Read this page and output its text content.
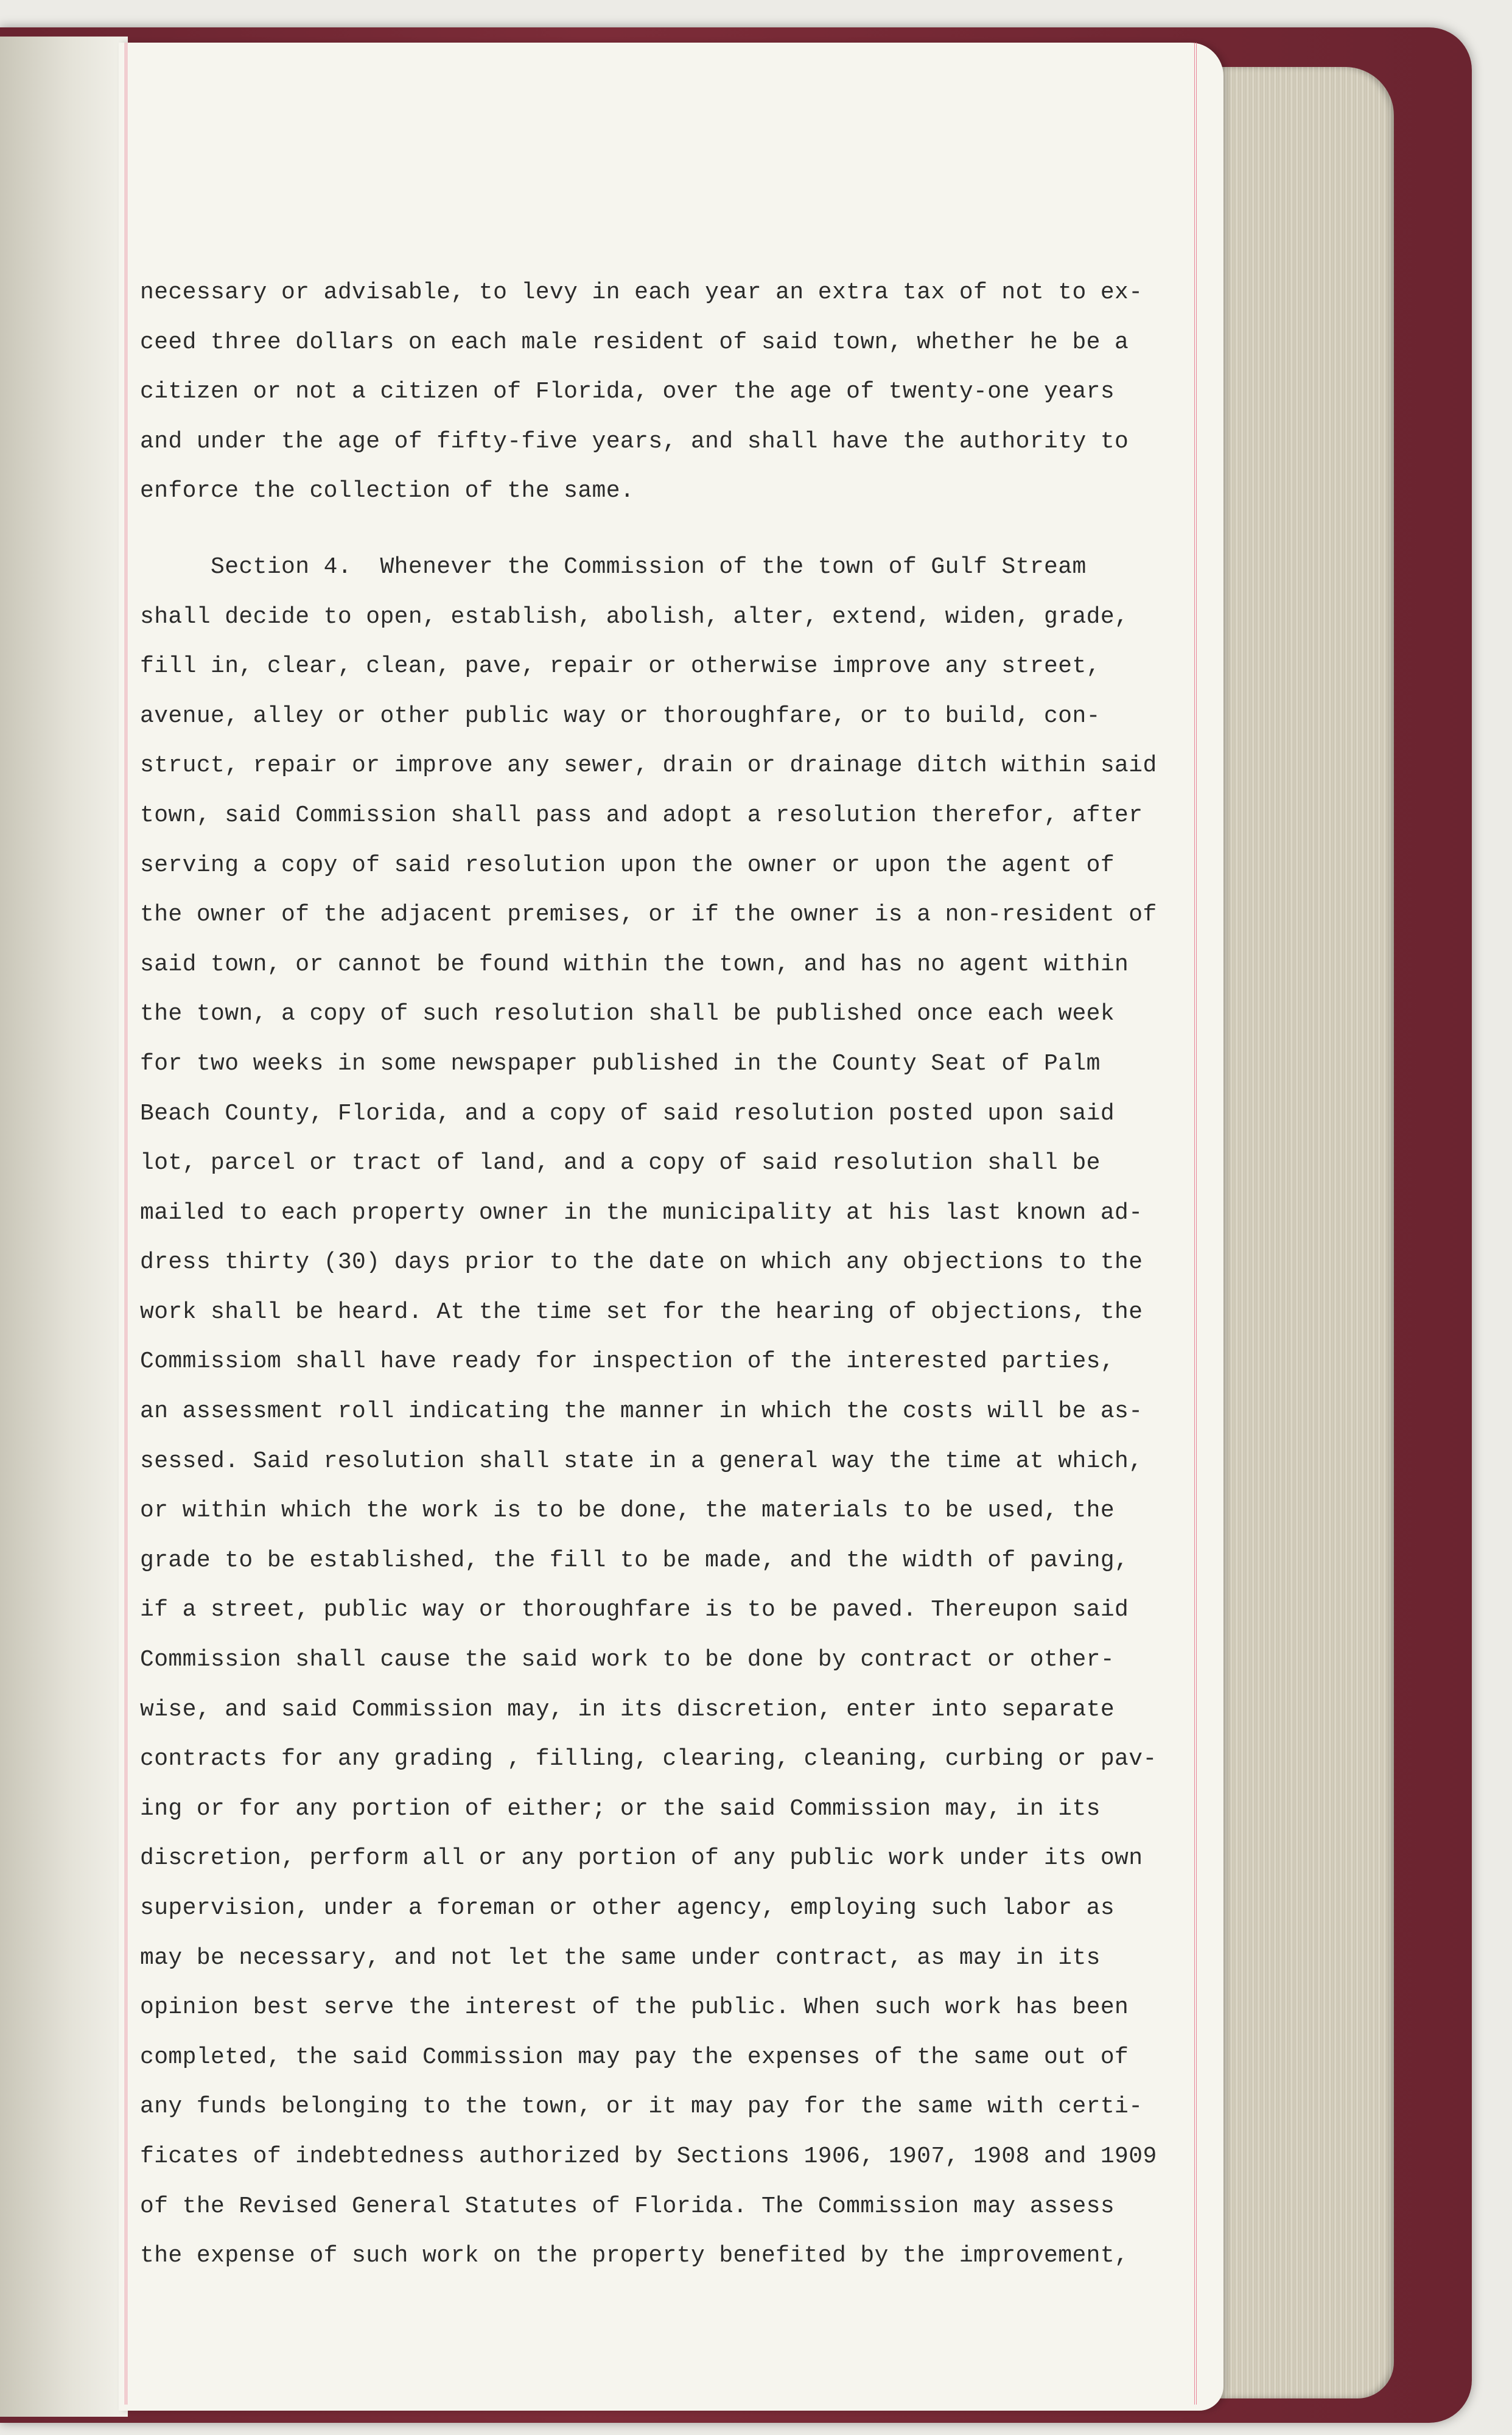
necessary or advisable, to levy in each year an extra tax of not to ex-
ceed three dollars on each male resident of said town, whether he be a
citizen or not a citizen of Florida, over the age of twenty-one years
and under the age of fifty-five years, and shall have the authority to
enforce the collection of the same.
Section 4.  Whenever the Commission of the town of Gulf Stream
shall decide to open, establish, abolish, alter, extend, widen, grade,
fill in, clear, clean, pave, repair or otherwise improve any street,
avenue, alley or other public way or thoroughfare, or to build, con-
struct, repair or improve any sewer, drain or drainage ditch within said
town, said Commission shall pass and adopt a resolution therefor, after
serving a copy of said resolution upon the owner or upon the agent of
the owner of the adjacent premises, or if the owner is a non-resident of
said town, or cannot be found within the town, and has no agent within
the town, a copy of such resolution shall be published once each week
for two weeks in some newspaper published in the County Seat of Palm
Beach County, Florida, and a copy of said resolution posted upon said
lot, parcel or tract of land, and a copy of said resolution shall be
mailed to each property owner in the municipality at his last known ad-
dress thirty (30) days prior to the date on which any objections to the
work shall be heard. At the time set for the hearing of objections, the
Commissiom shall have ready for inspection of the interested parties,
an assessment roll indicating the manner in which the costs will be as-
sessed. Said resolution shall state in a general way the time at which,
or within which the work is to be done, the materials to be used, the
grade to be established, the fill to be made, and the width of paving,
if a street, public way or thoroughfare is to be paved. Thereupon said
Commission shall cause the said work to be done by contract or other-
wise, and said Commission may, in its discretion, enter into separate
contracts for any grading , filling, clearing, cleaning, curbing or pav-
ing or for any portion of either; or the said Commission may, in its
discretion, perform all or any portion of any public work under its own
supervision, under a foreman or other agency, employing such labor as
may be necessary, and not let the same under contract, as may in its
opinion best serve the interest of the public. When such work has been
completed, the said Commission may pay the expenses of the same out of
any funds belonging to the town, or it may pay for the same with certi-
ficates of indebtedness authorized by Sections 1906, 1907, 1908 and 1909
of the Revised General Statutes of Florida. The Commission may assess
the expense of such work on the property benefited by the improvement,
